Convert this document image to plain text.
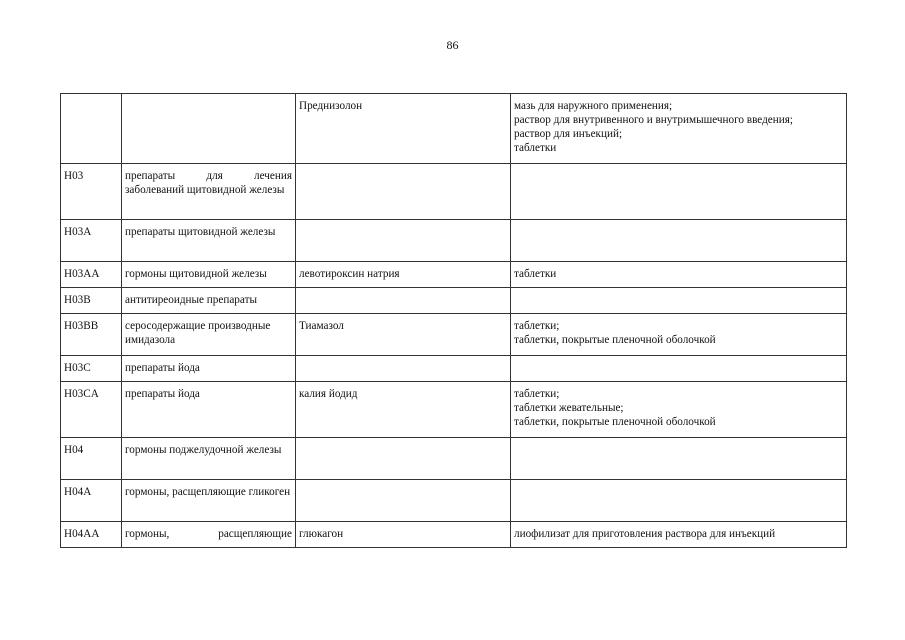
86
		Преднизолон	мазь для наружного применения;
раствор для внутривенного и внутримышечного введения;
раствор для инъекций;
таблетки

H03	препараты для лечения заболеваний щитовидной железы		
H03A	препараты щитовидной железы		
H03AA	гормоны щитовидной железы	левотироксин натрия	таблетки

H03B	антитиреоидные препараты		
H03BB	серосодержащие производные имидазола	Тиамазол	таблетки;
таблетки, покрытые пленочной оболочкой

H03C	препараты йода		
H03CA	препараты йода	калия йодид	таблетки;
таблетки жевательные;
таблетки, покрытые пленочной оболочкой

H04	гормоны поджелудочной железы		
H04A	гормоны, расщепляющие гликоген		
H04AA	гормоны, расщепляющие	глюкагон	лиофилизат для приготовления раствора для инъекций
